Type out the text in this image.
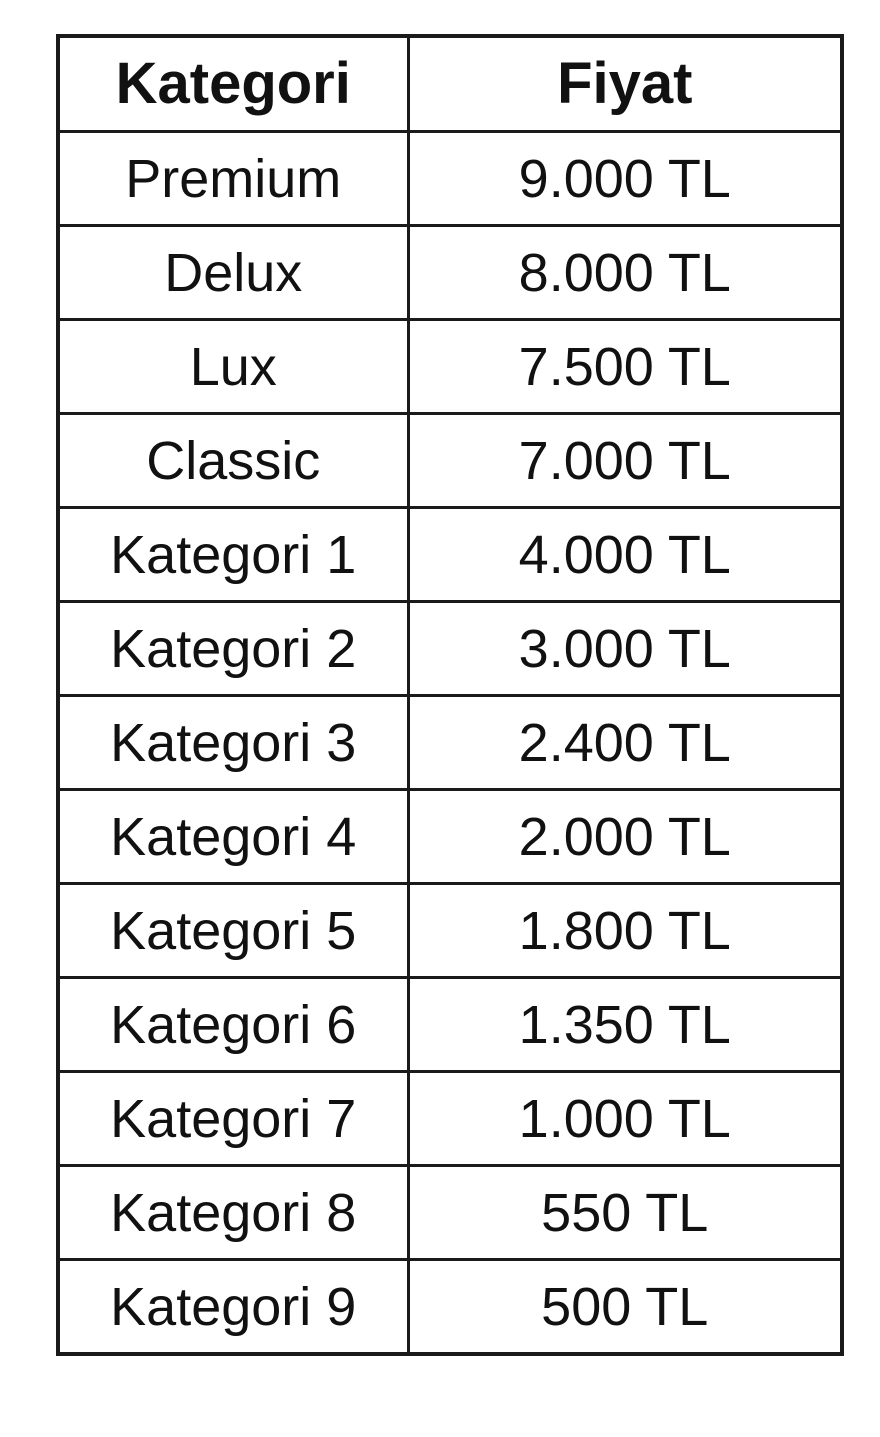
Kategori	Fiyat
Premium	9.000 TL
Delux	8.000 TL
Lux	7.500 TL
Classic	7.000 TL
Kategori 1	4.000 TL
Kategori 2	3.000 TL
Kategori 3	2.400 TL
Kategori 4	2.000 TL
Kategori 5	1.800 TL
Kategori 6	1.350 TL
Kategori 7	1.000 TL
Kategori 8	550 TL
Kategori 9	500 TL
